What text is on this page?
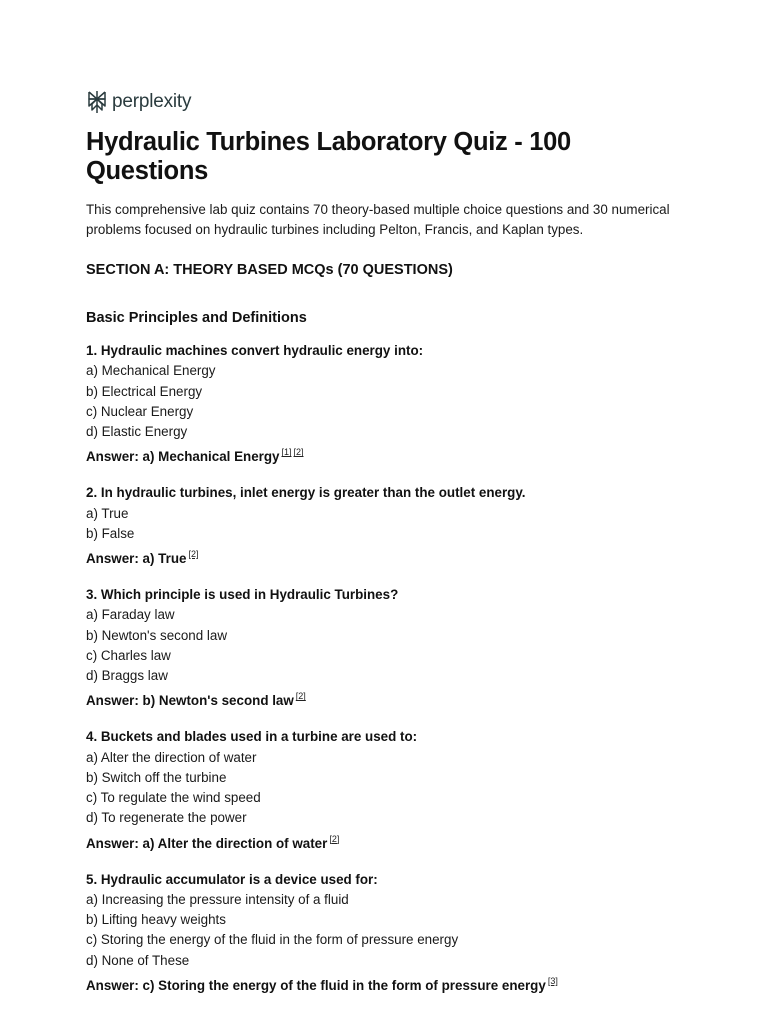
perplexity
Hydraulic Turbines Laboratory Quiz - 100 Questions
This comprehensive lab quiz contains 70 theory-based multiple choice questions and 30 numerical problems focused on hydraulic turbines including Pelton, Francis, and Kaplan types.
SECTION A: THEORY BASED MCQs (70 QUESTIONS)
Basic Principles and Definitions
1. Hydraulic machines convert hydraulic energy into:
a) Mechanical Energy
b) Electrical Energy
c) Nuclear Energy
d) Elastic Energy
Answer: a) Mechanical Energy [1] [2]
2. In hydraulic turbines, inlet energy is greater than the outlet energy.
a) True
b) False
Answer: a) True [2]
3. Which principle is used in Hydraulic Turbines?
a) Faraday law
b) Newton's second law
c) Charles law
d) Braggs law
Answer: b) Newton's second law [2]
4. Buckets and blades used in a turbine are used to:
a) Alter the direction of water
b) Switch off the turbine
c) To regulate the wind speed
d) To regenerate the power
Answer: a) Alter the direction of water [2]
5. Hydraulic accumulator is a device used for:
a) Increasing the pressure intensity of a fluid
b) Lifting heavy weights
c) Storing the energy of the fluid in the form of pressure energy
d) None of These
Answer: c) Storing the energy of the fluid in the form of pressure energy [3]
